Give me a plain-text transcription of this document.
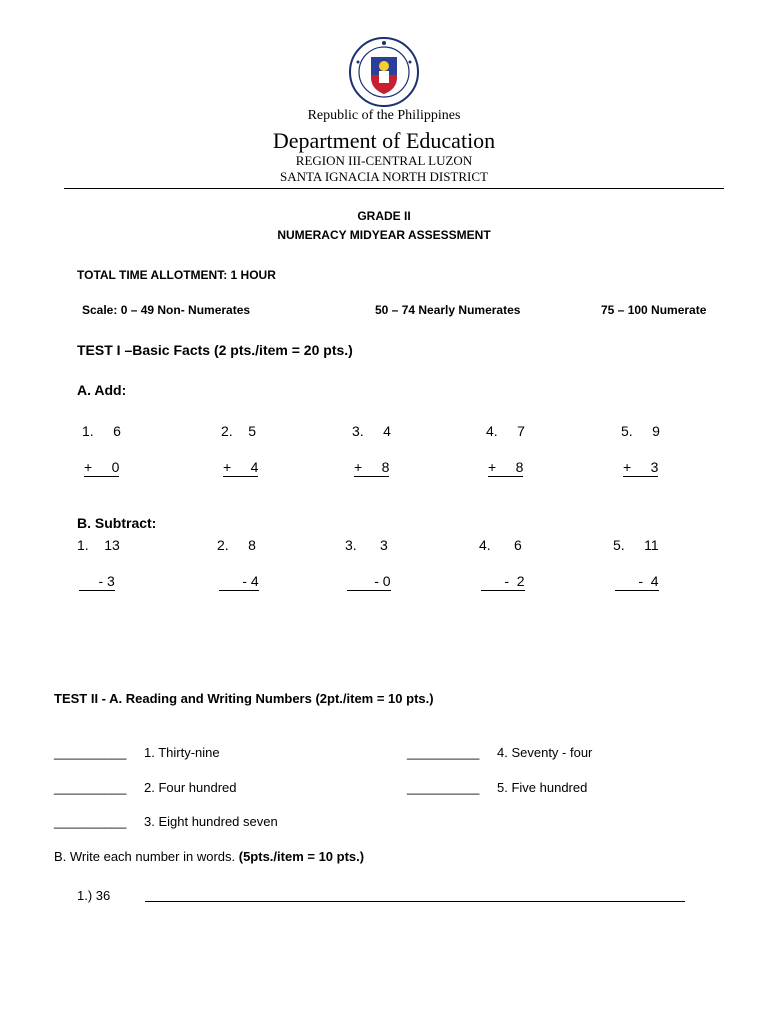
Republic of the Philippines
Department of Education
REGION III-CENTRAL LUZON
SANTA IGNACIA NORTH DISTRICT
GRADE II
NUMERACY MIDYEAR ASSESSMENT
TOTAL TIME ALLOTMENT: 1 HOUR
Scale: 0 – 49 Non- Numerates	50 – 74 Nearly Numerates	75 – 100 Numerate
TEST I –Basic Facts (2 pts./item = 20 pts.)
A. Add:
1.     6
+     0
2.    5
+     4
3.     4
+     8
4.     7
+     8
5.     9
+     3
B. Subtract:
1.    13
- 3
2.     8
- 4
3.      3
- 0
4.      6
-  2
5.     11
-  4
TEST II - A. Reading and Writing Numbers (2pt./item = 10 pts.)
__________ 1. Thirty-nine	__________ 4. Seventy - four
__________ 2. Four hundred	__________ 5. Five hundred
__________ 3. Eight hundred seven
B. Write each number in words. (5pts./item = 10 pts.)
1.) 36
